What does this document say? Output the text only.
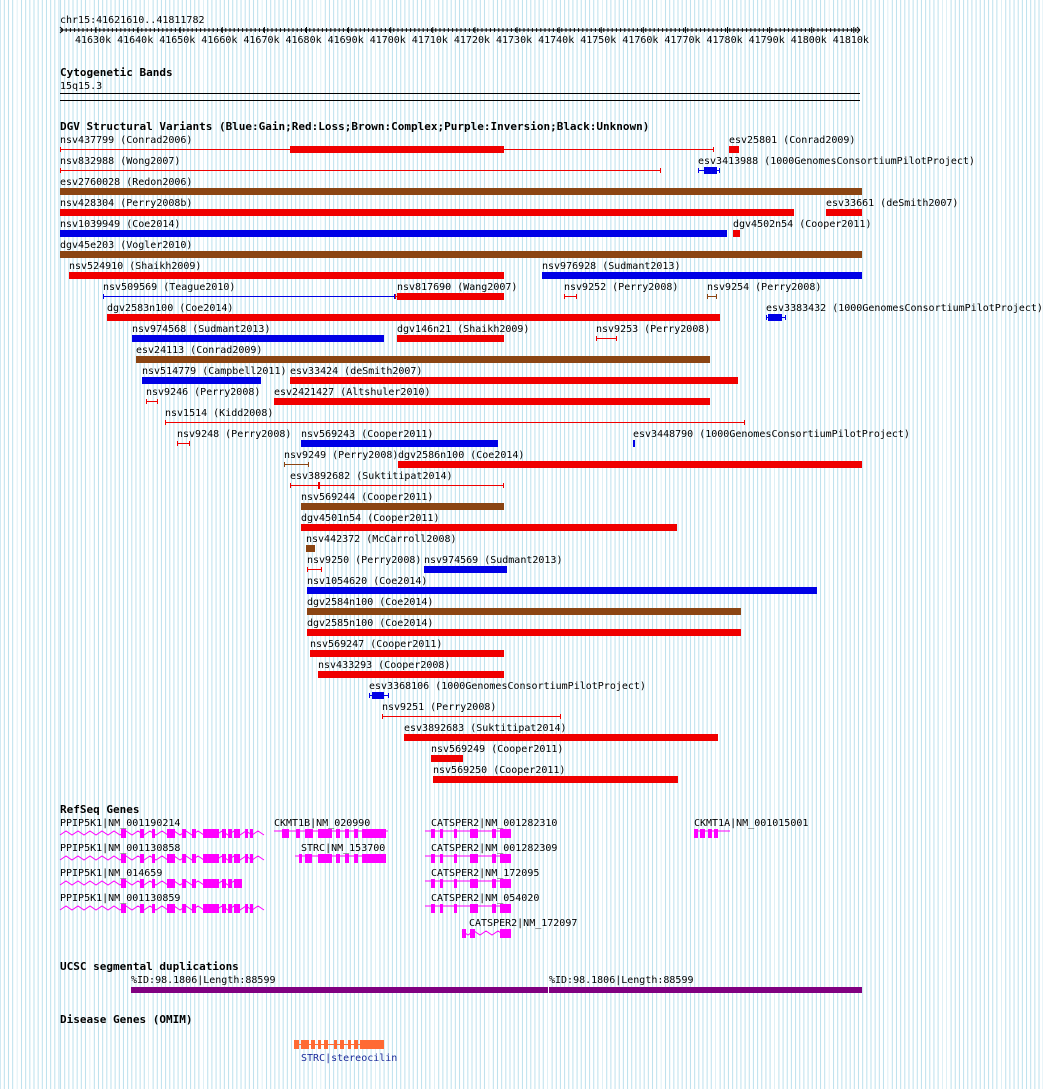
chr15:41621610..41811782
41630k 41640k 41650k 41660k 41670k 41680k 41690k 41700k 41710k 41720k 41730k 41740k 41750k 41760k 41770k 41780k 41790k 41800k 41810k
Cytogenetic Bands
15q15.3
DGV Structural Variants (Blue:Gain;Red:Loss;Brown:Complex;Purple:Inversion;Black:Unknown)
RefSeq Genes
UCSC segmental duplications
Disease Genes (OMIM)
nsv437799 (Conrad2006)	esv25801 (Conrad2009)
nsv832988 (Wong2007)	esv3413988 (1000GenomesConsortiumPilotProject)
esv2760028 (Redon2006)
nsv428304 (Perry2008b)	esv33661 (deSmith2007)
nsv1039949 (Coe2014)	dgv4502n54 (Cooper2011)
dgv45e203 (Vogler2010)
nsv524910 (Shaikh2009)	nsv976928 (Sudmant2013)
nsv509569 (Teague2010)	nsv817690 (Wang2007)	nsv9252 (Perry2008)	nsv9254 (Perry2008)
dgv2583n100 (Coe2014)	esv3383432 (1000GenomesConsortiumPilotProject)
nsv974568 (Sudmant2013)	dgv146n21 (Shaikh2009)	nsv9253 (Perry2008)
esv24113 (Conrad2009)
nsv514779 (Campbell2011) esv33424 (deSmith2007)
nsv9246 (Perry2008) esv2421427 (Altshuler2010)
nsv1514 (Kidd2008)
nsv9248 (Perry2008) nsv569243 (Cooper2011)	esv3448790 (1000GenomesConsortiumPilotProject)
nsv9249 (Perry2008) dgv2586n100 (Coe2014)
esv3892682 (Suktitipat2014)
nsv569244 (Cooper2011)
dgv4501n54 (Cooper2011)
nsv442372 (McCarroll2008)
nsv9250 (Perry2008) nsv974569 (Sudmant2013)
nsv1054620 (Coe2014)
dgv2584n100 (Coe2014)
dgv2585n100 (Coe2014)
nsv569247 (Cooper2011)
nsv433293 (Cooper2008)
esv3368106 (1000GenomesConsortiumPilotProject)
nsv9251 (Perry2008)
esv3892683 (Suktitipat2014)
nsv569249 (Cooper2011)
nsv569250 (Cooper2011)
PPIP5K1|NM_001190214	CKMT1B|NM_020990	CATSPER2|NM_001282310	CKMT1A|NM_001015001
PPIP5K1|NM_001130858	STRC|NM_153700	CATSPER2|NM_001282309
PPIP5K1|NM_014659	CATSPER2|NM_172095
PPIP5K1|NM_001130859	CATSPER2|NM_054020
CATSPER2|NM_172097
%ID:98.1806|Length:88599	%ID:98.1806|Length:88599
STRC|stereocilin
